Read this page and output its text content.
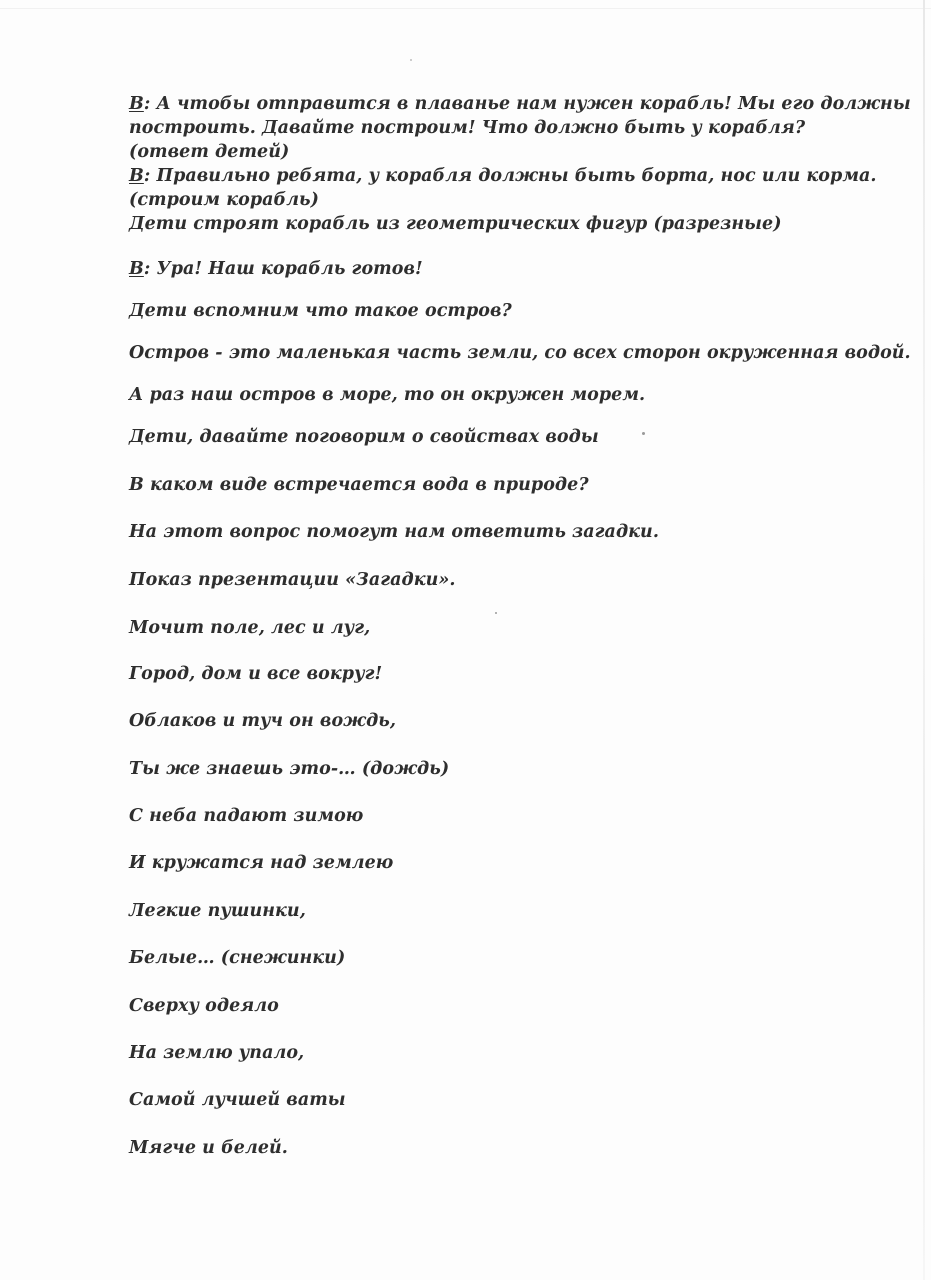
В: А чтобы отправится в плаванье нам нужен корабль! Мы его должны
построить. Давайте построим! Что должно быть у корабля?
(ответ детей)
В: Правильно ребята, у корабля должны быть борта, нос или корма.
(строим корабль)
Дети строят корабль из геометрических фигур (разрезные)
В: Ура! Наш корабль готов!
Дети вспомним что такое остров?
Остров - это маленькая часть земли, со всех сторон окруженная водой.
А раз наш остров в море, то он окружен морем.
Дети, давайте поговорим о свойствах воды
В каком виде встречается вода в природе?
На этот вопрос помогут нам ответить загадки.
Показ презентации «Загадки».
Мочит поле, лес и луг,
Город, дом и все вокруг!
Облаков и туч он вождь,
Ты же знаешь это-… (дождь)
С неба падают зимою
И кружатся над землею
Легкие пушинки,
Белые… (снежинки)
Сверху одеяло
На землю упало,
Самой лучшей ваты
Мягче и белей.
